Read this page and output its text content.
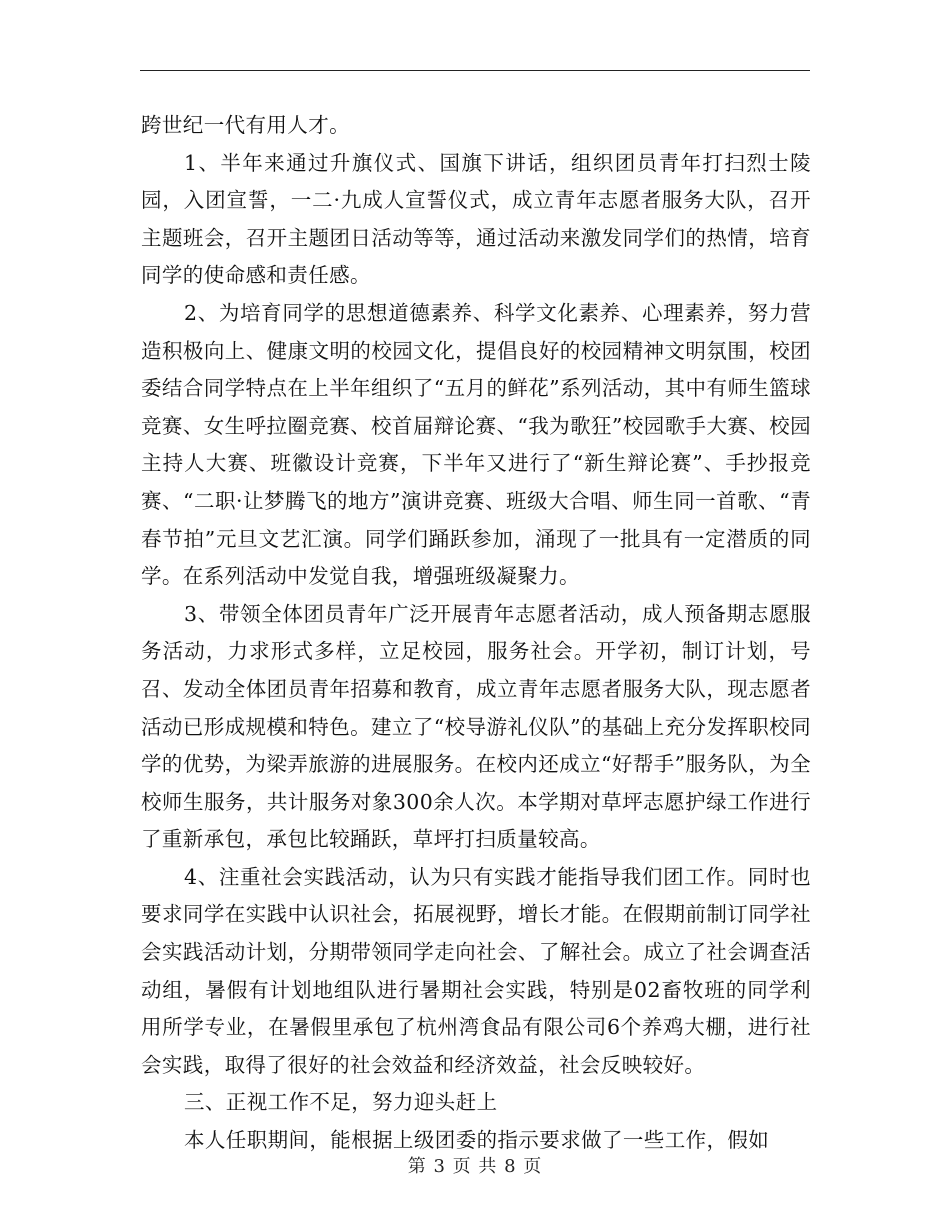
跨世纪一代有用人才。

1、半年来通过升旗仪式、国旗下讲话，组织团员青年打扫烈士陵园，入团宣誓，一二·九成人宣誓仪式，成立青年志愿者服务大队，召开主题班会，召开主题团日活动等等，通过活动来激发同学们的热情，培育同学的使命感和责任感。

2、为培育同学的思想道德素养、科学文化素养、心理素养，努力营造积极向上、健康文明的校园文化，提倡良好的校园精神文明氛围，校团委结合同学特点在上半年组织了“五月的鲜花”系列活动，其中有师生篮球竞赛、女生呼拉圈竞赛、校首届辩论赛、“我为歌狂”校园歌手大赛、校园主持人大赛、班徽设计竞赛，下半年又进行了“新生辩论赛”、手抄报竞赛、“二职·让梦腾飞的地方”演讲竞赛、班级大合唱、师生同一首歌、“青春节拍”元旦文艺汇演。同学们踊跃参加，涌现了一批具有一定潜质的同学。在系列活动中发觉自我，增强班级凝聚力。

3、带领全体团员青年广泛开展青年志愿者活动，成人预备期志愿服务活动，力求形式多样，立足校园，服务社会。开学初，制订计划，号召、发动全体团员青年招募和教育，成立青年志愿者服务大队，现志愿者活动已形成规模和特色。建立了“校导游礼仪队”的基础上充分发挥职校同学的优势，为梁弄旅游的进展服务。在校内还成立“好帮手”服务队，为全校师生服务，共计服务对象300余人次。本学期对草坪志愿护绿工作进行了重新承包，承包比较踊跃，草坪打扫质量较高。

4、注重社会实践活动，认为只有实践才能指导我们团工作。同时也要求同学在实践中认识社会，拓展视野，增长才能。在假期前制订同学社会实践活动计划，分期带领同学走向社会、了解社会。成立了社会调查活动组，暑假有计划地组队进行暑期社会实践，特别是02畜牧班的同学利用所学专业，在暑假里承包了杭州湾食品有限公司6个养鸡大棚，进行社会实践，取得了很好的社会效益和经济效益，社会反映较好。

三、正视工作不足，努力迎头赶上

本人任职期间，能根据上级团委的指示要求做了一些工作，假如

第 3 页 共 8 页
